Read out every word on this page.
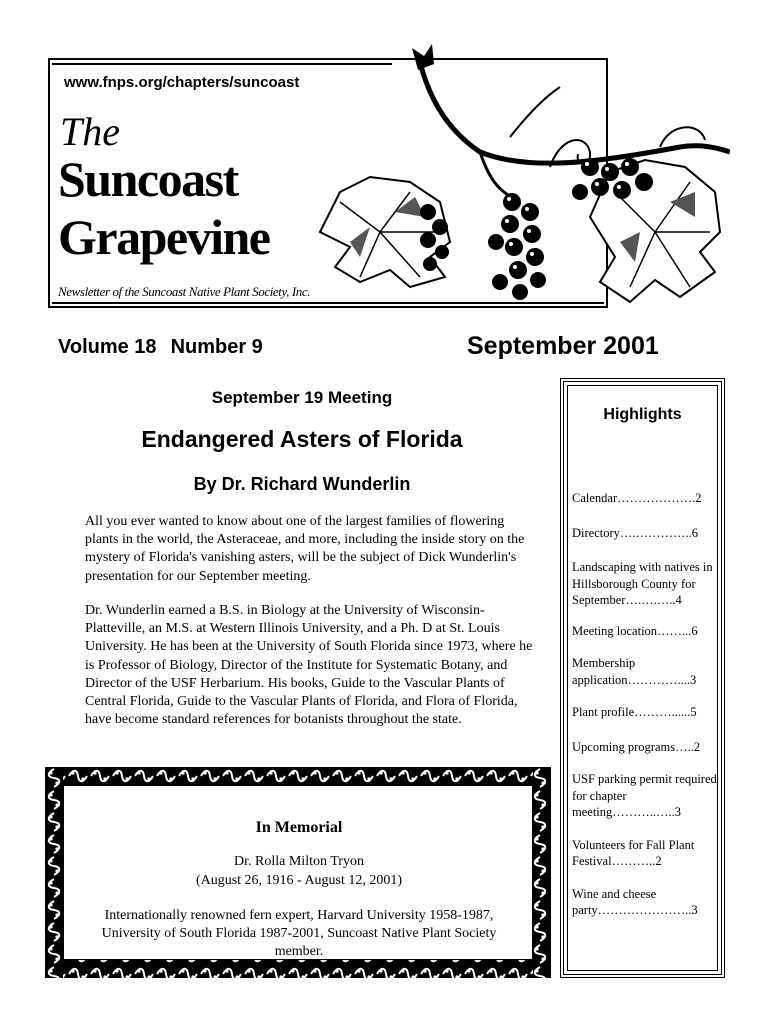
www.fnps.org/chapters/suncoast
The
Suncoast
Grapevine
Newsletter of the Suncoast Native Plant Society, Inc.
Volume 18 Number 9	September 2001
September 19 Meeting
Endangered Asters of Florida
By Dr. Richard Wunderlin
All you ever wanted to know about one of the largest families of flowering plants in the world, the Asteraceae, and more, including the inside story on the mystery of Florida's vanishing asters, will be the subject of Dick Wunderlin's presentation for our September meeting.
Dr. Wunderlin earned a B.S. in Biology at the University of Wisconsin-Platteville, an M.S. at Western Illinois University, and a Ph. D at St. Louis University. He has been at the University of South Florida since 1973, where he is Professor of Biology, Director of the Institute for Systematic Botany, and Director of the USF Herbarium. His books, Guide to the Vascular Plants of Central Florida, Guide to the Vascular Plants of Florida, and Flora of Florida, have become standard references for botanists throughout the state.
In Memorial
Dr. Rolla Milton Tryon
(August 26, 1916 - August 12, 2001)
Internationally renowned fern expert, Harvard University 1958-1987, University of South Florida 1987-2001, Suncoast Native Plant Society member.
Highlights

Calendar……………….2

Directory….…………..6

Landscaping with natives in Hillsborough County for September….….…..4

Meeting location……...6

Membership application…………....3

Plant profile………......5

Upcoming programs…..2

USF parking permit required for chapter meeting………..…..3

Volunteers for Fall Plant Festival………..2

Wine and cheese party…………………..3
